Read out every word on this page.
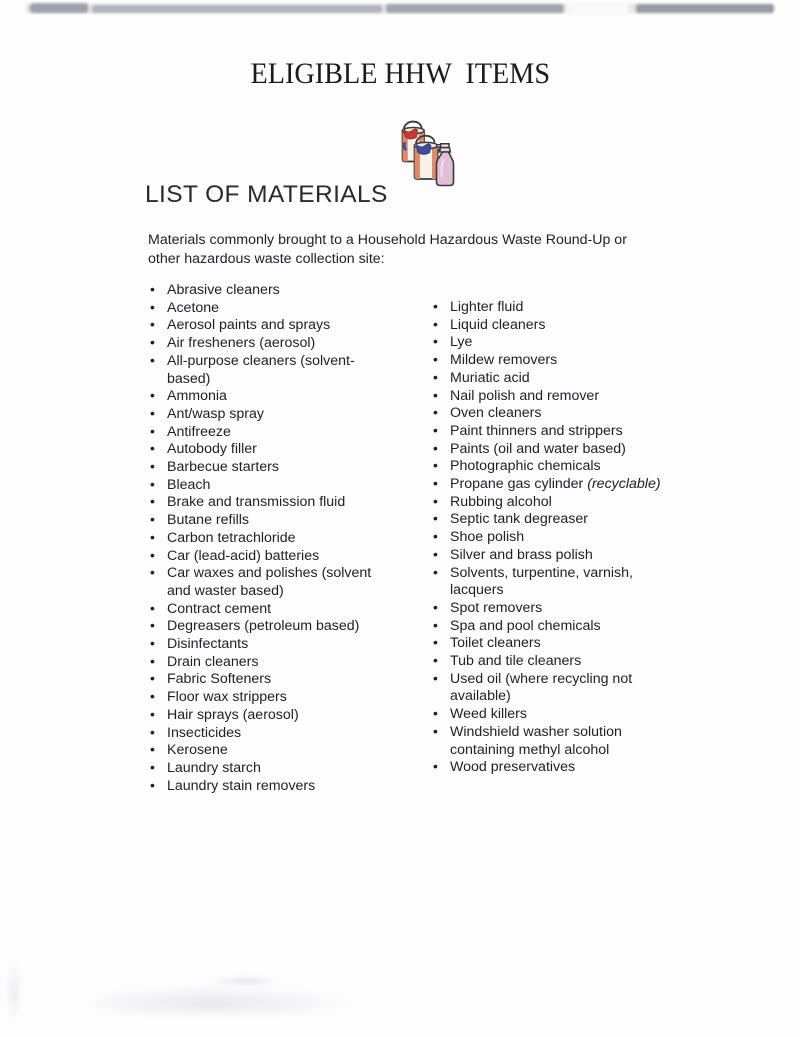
ELIGIBLE HHW  ITEMS
LIST OF MATERIALS

Materials commonly brought to a Household Hazardous Waste Round-Up or
other hazardous waste collection site:

• Abrasive cleaners
• Acetone
• Aerosol paints and sprays
• Air fresheners (aerosol)
• All-purpose cleaners (solvent-
based)
• Ammonia
• Ant/wasp spray
• Antifreeze
• Autobody filler
• Barbecue starters
• Bleach
• Brake and transmission fluid
• Butane refills
• Carbon tetrachloride
• Car (lead-acid) batteries
• Car waxes and polishes (solvent
and waster based)
• Contract cement
• Degreasers (petroleum based)
• Disinfectants
• Drain cleaners
• Fabric Softeners
• Floor wax strippers
• Hair sprays (aerosol)
• Insecticides
• Kerosene
• Laundry starch
• Laundry stain removers
• Lighter fluid
• Liquid cleaners
• Lye
• Mildew removers
• Muriatic acid
• Nail polish and remover
• Oven cleaners
• Paint thinners and strippers
• Paints (oil and water based)
• Photographic chemicals
• Propane gas cylinder (recyclable)
• Rubbing alcohol
• Septic tank degreaser
• Shoe polish
• Silver and brass polish
• Solvents, turpentine, varnish,
lacquers
• Spot removers
• Spa and pool chemicals
• Toilet cleaners
• Tub and tile cleaners
• Used oil (where recycling not
available)
• Weed killers
• Windshield washer solution
containing methyl alcohol
• Wood preservatives
